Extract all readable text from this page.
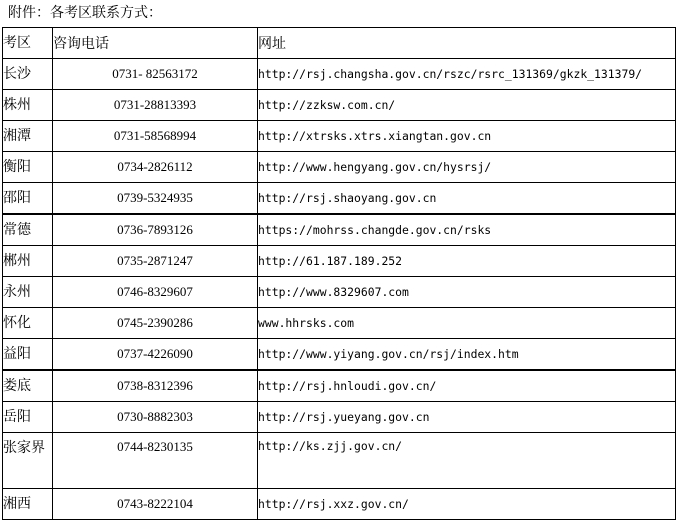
附件：各考区联系方式：
考区	咨询电话	网址
长沙	0731- 82563172	http://rsj.changsha.gov.cn/rszc/rsrc_131369/gkzk_131379/
株州	0731-28813393	http://zzksw.com.cn/
湘潭	0731-58568994	http://xtrsks.xtrs.xiangtan.gov.cn
衡阳	0734-2826112	http://www.hengyang.gov.cn/hysrsj/
邵阳	0739-5324935	http://rsj.shaoyang.gov.cn
常德	0736-7893126	https://mohrss.changde.gov.cn/rsks
郴州	0735-2871247	http://61.187.189.252
永州	0746-8329607	http://www.8329607.com
怀化	0745-2390286	www.hhrsks.com
益阳	0737-4226090	http://www.yiyang.gov.cn/rsj/index.htm
娄底	0738-8312396	http://rsj.hnloudi.gov.cn/
岳阳	0730-8882303	http://rsj.yueyang.gov.cn
张家界	0744-8230135	http://ks.zjj.gov.cn/
湘西	0743-8222104	http://rsj.xxz.gov.cn/
